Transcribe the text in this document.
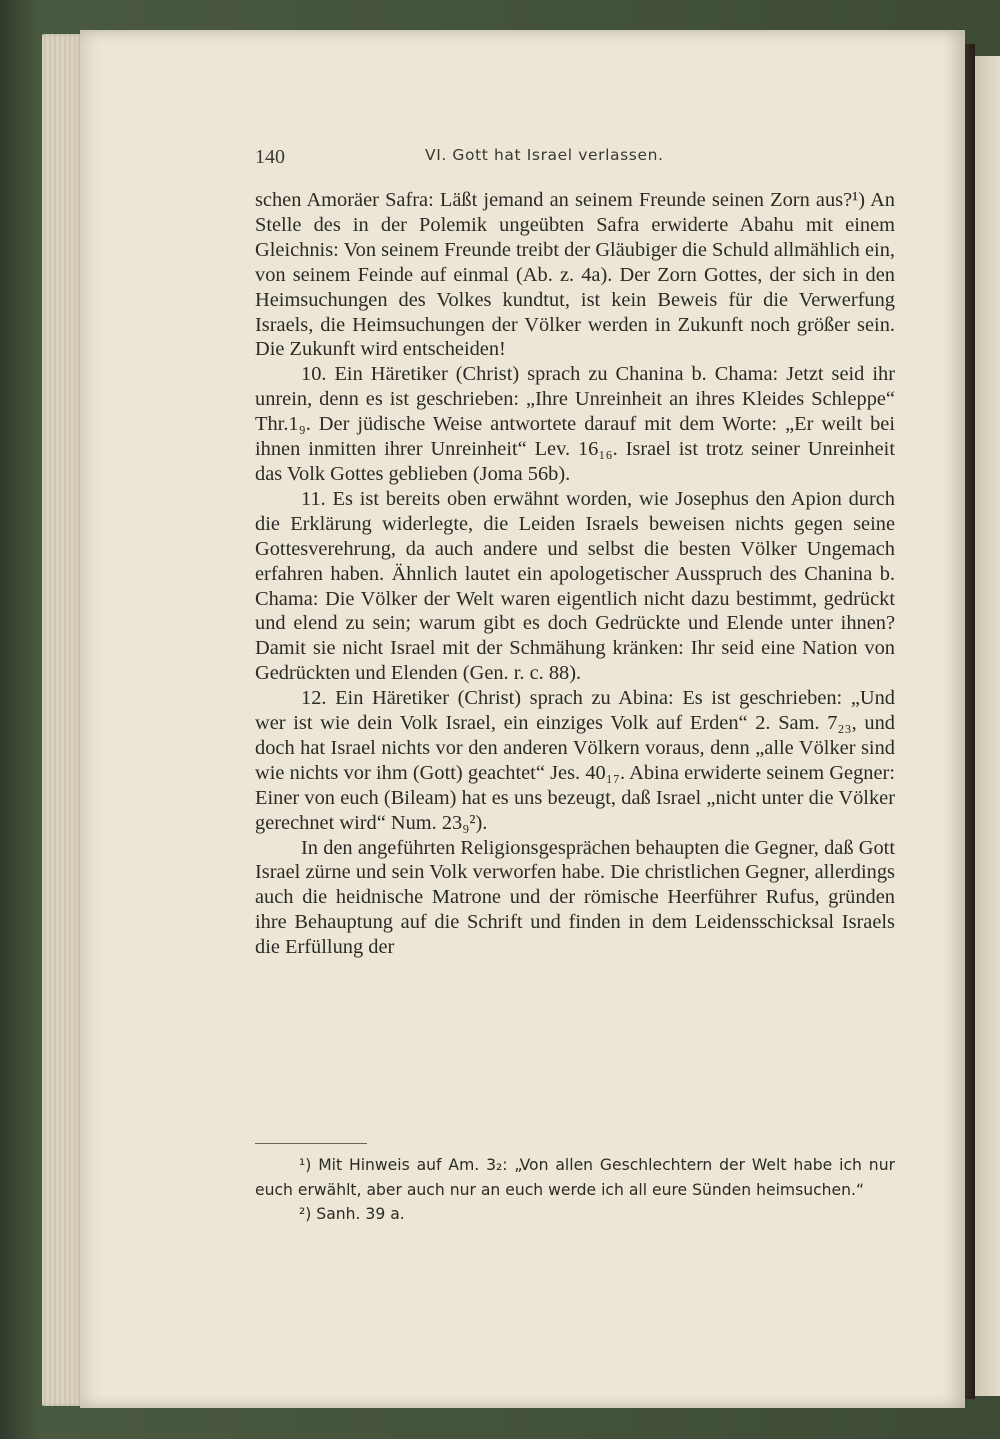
140	VI. Gott hat Israel verlassen.

schen Amoräer Safra: Läßt jemand an seinem Freunde seinen Zorn aus?¹) An Stelle des in der Polemik ungeübten Safra erwiderte Abahu mit einem Gleichnis: Von seinem Freunde treibt der Gläubiger die Schuld allmählich ein, von seinem Feinde auf einmal (Ab. z. 4a). Der Zorn Gottes, der sich in den Heimsuchungen des Volkes kundtut, ist kein Beweis für die Verwerfung Israels, die Heimsuchungen der Völker werden in Zukunft noch größer sein. Die Zukunft wird entscheiden!

10. Ein Häretiker (Christ) sprach zu Chanina b. Chama: Jetzt seid ihr unrein, denn es ist geschrieben: „Ihre Unreinheit an ihres Kleides Schleppe“ Thr.1₉. Der jüdische Weise antwortete darauf mit dem Worte: „Er weilt bei ihnen inmitten ihrer Unreinheit“ Lev. 16₁₆. Israel ist trotz seiner Unreinheit das Volk Gottes geblieben (Joma 56b).

11. Es ist bereits oben erwähnt worden, wie Josephus den Apion durch die Erklärung widerlegte, die Leiden Israels beweisen nichts gegen seine Gottesverehrung, da auch andere und selbst die besten Völker Ungemach erfahren haben. Ähnlich lautet ein apologetischer Ausspruch des Chanina b. Chama: Die Völker der Welt waren eigentlich nicht dazu bestimmt, gedrückt und elend zu sein; warum gibt es doch Gedrückte und Elende unter ihnen? Damit sie nicht Israel mit der Schmähung kränken: Ihr seid eine Nation von Gedrückten und Elenden (Gen. r. c. 88).

12. Ein Häretiker (Christ) sprach zu Abina: Es ist geschrieben: „Und wer ist wie dein Volk Israel, ein einziges Volk auf Erden“ 2. Sam. 7₂₃, und doch hat Israel nichts vor den anderen Völkern voraus, denn „alle Völker sind wie nichts vor ihm (Gott) geachtet“ Jes. 40₁₇. Abina erwiderte seinem Gegner: Einer von euch (Bileam) hat es uns bezeugt, daß Israel „nicht unter die Völker gerechnet wird“ Num. 23₉²).

In den angeführten Religionsgesprächen behaupten die Gegner, daß Gott Israel zürne und sein Volk verworfen habe. Die christlichen Gegner, allerdings auch die heidnische Matrone und der römische Heerführer Rufus, gründen ihre Behauptung auf die Schrift und finden in dem Leidensschicksal Israels die Erfüllung der

¹) Mit Hinweis auf Am. 3₂: „Von allen Geschlechtern der Welt habe ich nur euch erwählt, aber auch nur an euch werde ich all eure Sünden heimsuchen.“

²) Sanh. 39 a.
